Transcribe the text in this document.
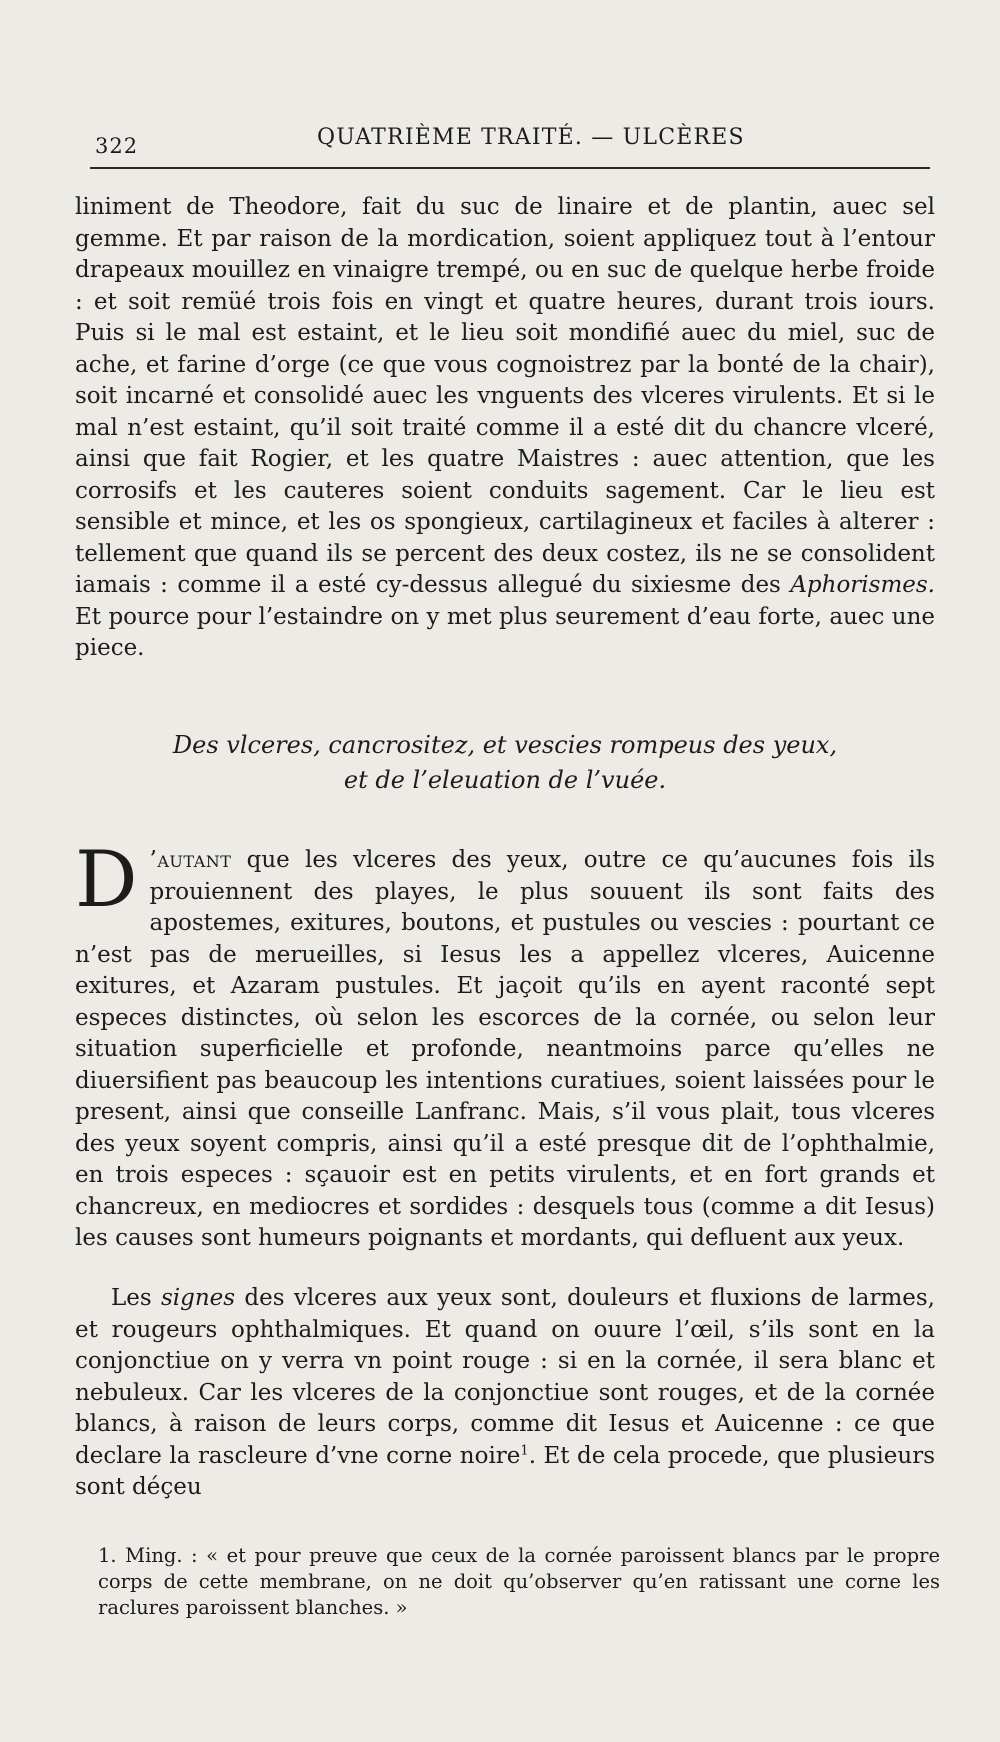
322	QUATRIÈME TRAITÉ. — ULCÈRES

liniment de Theodore, fait du suc de linaire et de plantin, auec sel gemme. Et par raison de la mordication, soient appliquez tout à l’entour drapeaux mouillez en vinaigre trempé, ou en suc de quelque herbe froide : et soit remüé trois fois en vingt et quatre heures, durant trois iours. Puis si le mal est estaint, et le lieu soit mondifié auec du miel, suc de ache, et farine d’orge (ce que vous cognoistrez par la bonté de la chair), soit incarné et consolidé auec les vnguents des vlceres virulents. Et si le mal n’est estaint, qu’il soit traité comme il a esté dit du chancre vlceré, ainsi que fait Rogier, et les quatre Maistres : auec attention, que les corrosifs et les cauteres soient conduits sagement. Car le lieu est sensible et mince, et les os spongieux, cartilagineux et faciles à alterer : tellement que quand ils se percent des deux costez, ils ne se consolident iamais : comme il a esté cy-dessus allegué du sixiesme des Aphorismes. Et pource pour l’estaindre on y met plus seurement d’eau forte, auec une piece.

Des vlceres, cancrositez, et vescies rompeus des yeux,
et de l’eleuation de l’vuée.

D ’autant que les vlceres des yeux, outre ce qu’aucunes fois ils prouiennent des playes, le plus souuent ils sont faits des apostemes, exitures, boutons, et pustules ou vescies : pourtant ce n’est pas de merueilles, si Iesus les a appellez vlceres, Auicenne exitures, et Azaram pustules. Et jaçoit qu’ils en ayent raconté sept especes distinctes, où selon les escorces de la cornée, ou selon leur situation superficielle et profonde, neantmoins parce qu’elles ne diuersifient pas beaucoup les intentions curatiues, soient laissées pour le present, ainsi que conseille Lanfranc. Mais, s’il vous plait, tous vlceres des yeux soyent compris, ainsi qu’il a esté presque dit de l’ophthalmie, en trois especes : sçauoir est en petits virulents, et en fort grands et chancreux, en mediocres et sordides : desquels tous (comme a dit Iesus) les causes sont humeurs poignants et mordants, qui defluent aux yeux.

Les signes des vlceres aux yeux sont, douleurs et fluxions de larmes, et rougeurs ophthalmiques. Et quand on ouure l’œil, s’ils sont en la conjonctiue on y verra vn point rouge : si en la cornée, il sera blanc et nebuleux. Car les vlceres de la conjonctiue sont rouges, et de la cornée blancs, à raison de leurs corps, comme dit Iesus et Auicenne : ce que declare la rascleure d’vne corne noire$^1$. Et de cela procede, que plusieurs sont déçeu

1. Ming. : « et pour preuve que ceux de la cornée paroissent blancs par le propre corps de cette membrane, on ne doit qu’observer qu’en ratissant une corne les raclures paroissent blanches. »
